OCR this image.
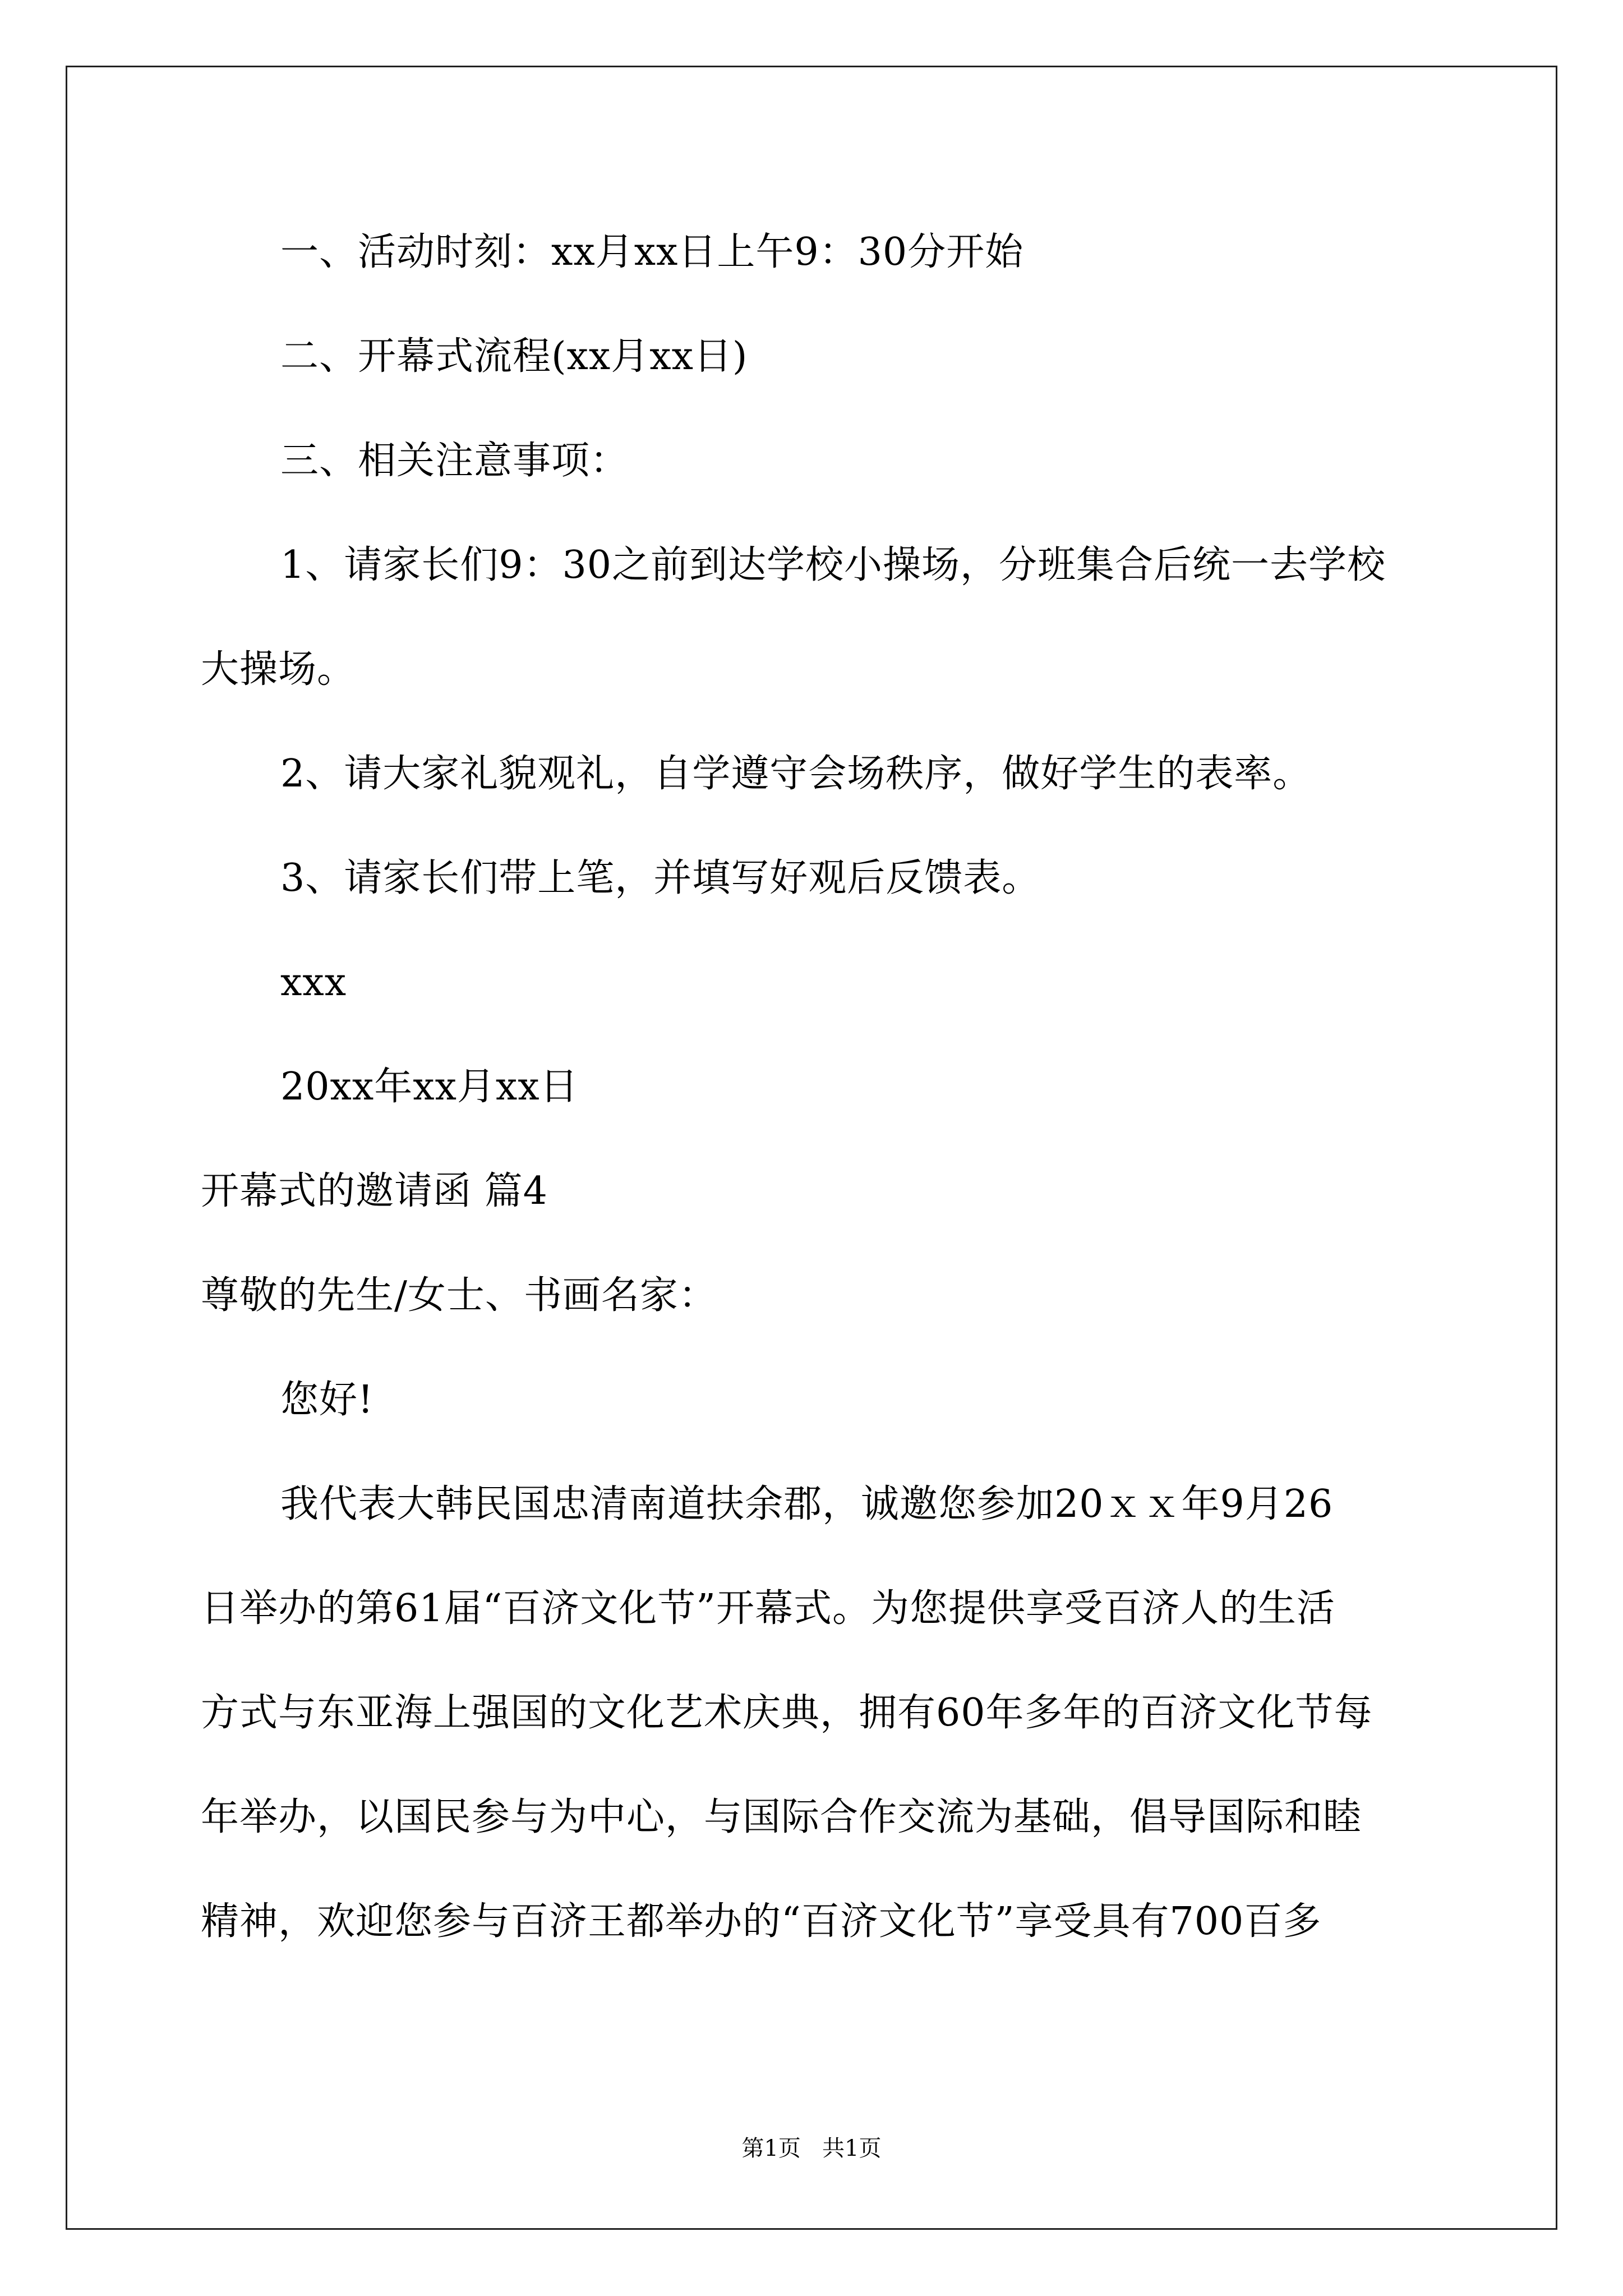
一、活动时刻：xx月xx日上午9：30分开始
二、开幕式流程(xx月xx日)
三、相关注意事项：
1、请家长们9：30之前到达学校小操场，分班集合后统一去学校
大操场。
2、请大家礼貌观礼，自学遵守会场秩序，做好学生的表率。
3、请家长们带上笔，并填写好观后反馈表。
xxx
20xx年xx月xx日
开幕式的邀请函 篇4
尊敬的先生/女士、书画名家：
您好!
我代表大韩民国忠清南道扶余郡，诚邀您参加20ｘｘ年9月26
日举办的第61届“百济文化节”开幕式。为您提供享受百济人的生活
方式与东亚海上强国的文化艺术庆典，拥有60年多年的百济文化节每
年举办，以国民参与为中心，与国际合作交流为基础，倡导国际和睦
精神，欢迎您参与百济王都举办的“百济文化节”享受具有700百多
第1页   共1页
